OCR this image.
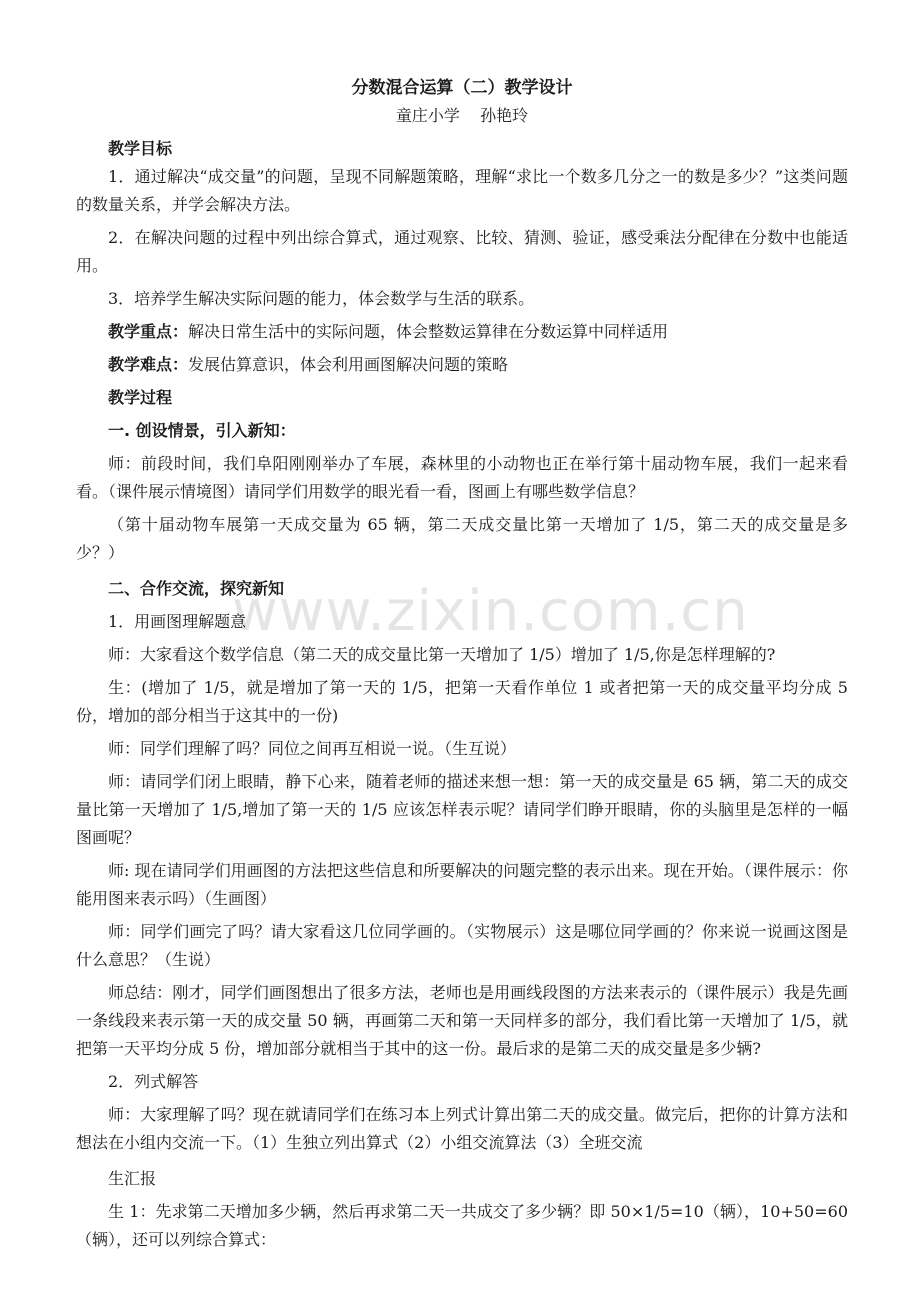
www.zixin.com.cn
分数混合运算（二）教学设计
童庄小学    孙艳玲

教学目标

1．通过解决“成交量”的问题，呈现不同解题策略，理解“求比一个数多几分之一的数是多少？”这类问题的数量关系，并学会解决方法。

2．在解决问题的过程中列出综合算式，通过观察、比较、猜测、验证，感受乘法分配律在分数中也能适用。

3．培养学生解决实际问题的能力，体会数学与生活的联系。

教学重点：解决日常生活中的实际问题，体会整数运算律在分数运算中同样适用

教学难点：发展估算意识，体会利用画图解决问题的策略

教学过程

一. 创设情景，引入新知：

师：前段时间，我们阜阳刚刚举办了车展，森林里的小动物也正在举行第十届动物车展，我们一起来看看。（课件展示情境图）请同学们用数学的眼光看一看，图画上有哪些数学信息？

（第十届动物车展第一天成交量为 65 辆，第二天成交量比第一天增加了 1/5，第二天的成交量是多少？）

二、合作交流，探究新知

1．用画图理解题意

师：大家看这个数学信息（第二天的成交量比第一天增加了 1/5）增加了 1/5,你是怎样理解的?

生：(增加了 1/5，就是增加了第一天的 1/5，把第一天看作单位 1 或者把第一天的成交量平均分成 5 份，增加的部分相当于这其中的一份)

师：同学们理解了吗？同位之间再互相说一说。（生互说）

师：请同学们闭上眼睛，静下心来，随着老师的描述来想一想：第一天的成交量是 65 辆，第二天的成交量比第一天增加了 1/5,增加了第一天的 1/5 应该怎样表示呢？请同学们睁开眼睛，你的头脑里是怎样的一幅图画呢？

师: 现在请同学们用画图的方法把这些信息和所要解决的问题完整的表示出来。现在开始。（课件展示：你能用图来表示吗）（生画图）

师：同学们画完了吗？请大家看这几位同学画的。（实物展示）这是哪位同学画的？你来说一说画这图是什么意思？（生说）

师总结：刚才，同学们画图想出了很多方法，老师也是用画线段图的方法来表示的（课件展示）我是先画一条线段来表示第一天的成交量 50 辆，再画第二天和第一天同样多的部分，我们看比第一天增加了 1/5，就把第一天平均分成 5 份，增加部分就相当于其中的这一份。最后求的是第二天的成交量是多少辆?

2．列式解答

师：大家理解了吗？现在就请同学们在练习本上列式计算出第二天的成交量。做完后，把你的计算方法和想法在小组内交流一下。（1）生独立列出算式（2）小组交流算法（3）全班交流

生汇报

生 1：先求第二天增加多少辆，然后再求第二天一共成交了多少辆？即 50×1/5=10（辆），10+50=60（辆），还可以列综合算式：
